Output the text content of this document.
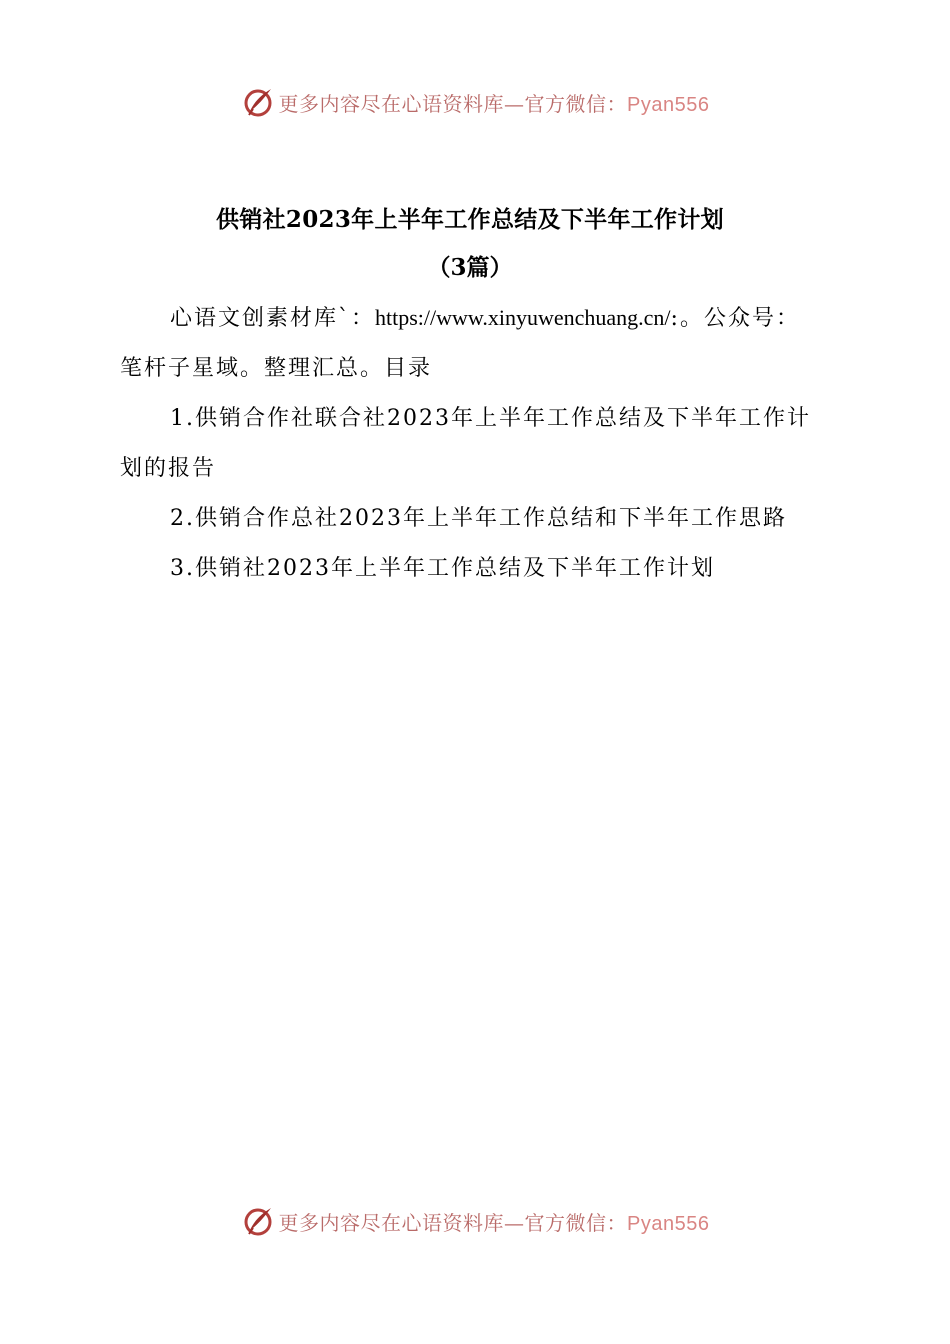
更多内容尽在心语资料库—官方微信：Pyan556

供销社2023年上半年工作总结及下半年工作计划

（3篇）

心语文创素材库`：https://www.xinyuwenchuang.cn/:。公众号：笔杆子星域。整理汇总。目录

1.供销合作社联合社2023年上半年工作总结及下半年工作计划的报告

2.供销合作总社2023年上半年工作总结和下半年工作思路

3.供销社2023年上半年工作总结及下半年工作计划

更多内容尽在心语资料库—官方微信：Pyan556
